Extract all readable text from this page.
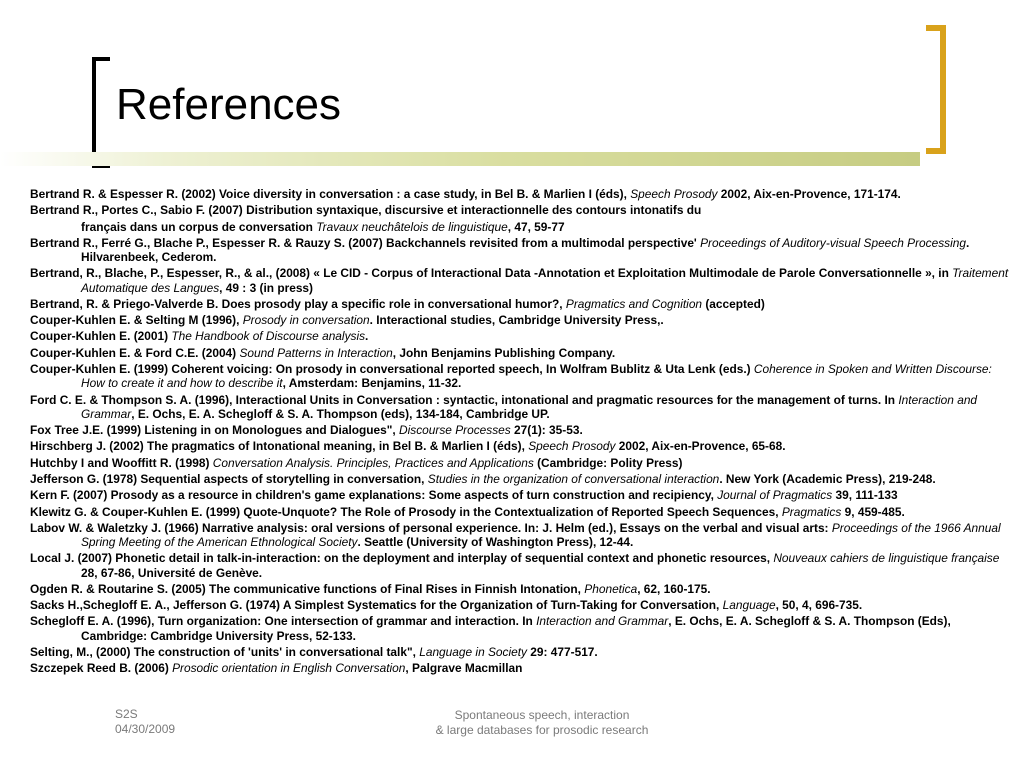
References
Bertrand R. & Espesser R. (2002) Voice diversity in conversation : a case study, in Bel B. & Marlien I (éds), Speech Prosody 2002, Aix-en-Provence, 171-174.
Bertrand R., Portes C., Sabio F. (2007) Distribution syntaxique, discursive et interactionnelle des contours intonatifs du
français dans un corpus de conversation Travaux neuchâtelois de linguistique, 47, 59-77
Bertrand R., Ferré G., Blache P., Espesser R. & Rauzy S. (2007) Backchannels revisited from a multimodal perspective' Proceedings of Auditory-visual Speech Processing. Hilvarenbeek, Cederom.
Bertrand, R., Blache, P., Espesser, R., & al., (2008) « Le CID - Corpus of Interactional Data -Annotation et Exploitation Multimodale de Parole Conversationnelle », in Traitement Automatique des Langues, 49 : 3 (in press)
Bertrand, R. & Priego-Valverde B. Does prosody play a specific role in conversational humor?, Pragmatics and Cognition (accepted)
Couper-Kuhlen E. & Selting M (1996), Prosody in conversation. Interactional studies, Cambridge University Press,.
Couper-Kuhlen E. (2001) The Handbook of Discourse analysis.
Couper-Kuhlen E. & Ford C.E. (2004) Sound Patterns in Interaction, John Benjamins Publishing Company.
Couper-Kuhlen E. (1999) Coherent voicing: On prosody in conversational reported speech, In Wolfram Bublitz & Uta Lenk (eds.) Coherence in Spoken and Written Discourse: How to create it and how to describe it, Amsterdam: Benjamins, 11-32.
Ford C. E. & Thompson S. A. (1996), Interactional Units in Conversation : syntactic, intonational and pragmatic resources for the management of turns. In Interaction and Grammar, E. Ochs, E. A. Schegloff & S. A. Thompson (eds), 134-184, Cambridge UP.
Fox Tree J.E. (1999) Listening in on Monologues and Dialogues", Discourse Processes 27(1): 35-53.
Hirschberg J. (2002) The pragmatics of Intonational meaning, in Bel B. & Marlien I (éds), Speech Prosody 2002, Aix-en-Provence, 65-68.
Hutchby I and Wooffitt R. (1998) Conversation Analysis. Principles, Practices and Applications (Cambridge: Polity Press)
Jefferson G. (1978) Sequential aspects of storytelling in conversation, Studies in the organization of conversational interaction. New York (Academic Press), 219-248.
Kern F. (2007) Prosody as a resource in children's game explanations: Some aspects of turn construction and recipiency, Journal of Pragmatics 39, 111-133
Klewitz G. & Couper-Kuhlen E. (1999) Quote-Unquote? The Role of Prosody in the Contextualization of Reported Speech Sequences, Pragmatics 9, 459-485.
Labov W. & Waletzky J. (1966) Narrative analysis: oral versions of personal experience. In: J. Helm (ed.), Essays on the verbal and visual arts: Proceedings of the 1966 Annual Spring Meeting of the American Ethnological Society. Seattle (University of Washington Press), 12-44.
Local J. (2007) Phonetic detail in talk-in-interaction: on the deployment and interplay of sequential context and phonetic resources, Nouveaux cahiers de linguistique française 28, 67-86, Université de Genève.
Ogden R. & Routarine S. (2005) The communicative functions of Final Rises in Finnish Intonation, Phonetica, 62, 160-175.
Sacks H.,Schegloff E. A., Jefferson G. (1974) A Simplest Systematics for the Organization of Turn-Taking for Conversation, Language, 50, 4, 696-735.
Schegloff E. A. (1996), Turn organization: One intersection of grammar and interaction. In Interaction and Grammar, E. Ochs, E. A. Schegloff & S. A. Thompson (Eds), Cambridge: Cambridge University Press, 52-133.
Selting, M., (2000) The construction of 'units' in conversational talk", Language in Society 29: 477-517.
Szczepek Reed B. (2006) Prosodic orientation in English Conversation, Palgrave Macmillan
S2S
04/30/2009
Spontaneous speech, interaction
& large databases for prosodic research
